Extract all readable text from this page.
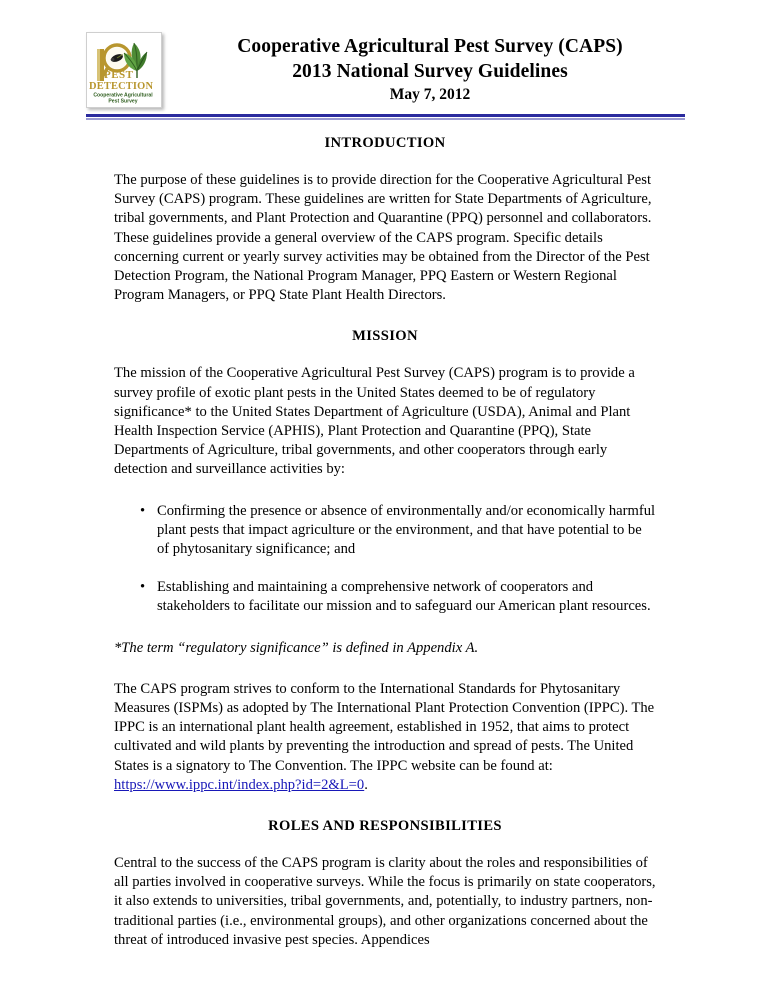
PEST
DETECTION
Cooperative Agricultural
Pest Survey
Cooperative Agricultural Pest Survey (CAPS)
2013 National Survey Guidelines
May 7, 2012
INTRODUCTION

The purpose of these guidelines is to provide direction for the Cooperative Agricultural Pest Survey (CAPS) program. These guidelines are written for State Departments of Agriculture, tribal governments, and Plant Protection and Quarantine (PPQ) personnel and collaborators. These guidelines provide a general overview of the CAPS program. Specific details concerning current or yearly survey activities may be obtained from the Director of the Pest Detection Program, the National Program Manager, PPQ Eastern or Western Regional Program Managers, or PPQ State Plant Health Directors.

MISSION

The mission of the Cooperative Agricultural Pest Survey (CAPS) program is to provide a survey profile of exotic plant pests in the United States deemed to be of regulatory significance* to the United States Department of Agriculture (USDA), Animal and Plant Health Inspection Service (APHIS), Plant Protection and Quarantine (PPQ), State Departments of Agriculture, tribal governments, and other cooperators through early detection and surveillance activities by:

• Confirming the presence or absence of environmentally and/or economically harmful plant pests that impact agriculture or the environment, and that have potential to be of phytosanitary significance; and
• Establishing and maintaining a comprehensive network of cooperators and stakeholders to facilitate our mission and to safeguard our American plant resources.

*The term “regulatory significance” is defined in Appendix A.

The CAPS program strives to conform to the International Standards for Phytosanitary Measures (ISPMs) as adopted by The International Plant Protection Convention (IPPC). The IPPC is an international plant health agreement, established in 1952, that aims to protect cultivated and wild plants by preventing the introduction and spread of pests. The United States is a signatory to The Convention. The IPPC website can be found at: https://www.ippc.int/index.php?id=2&L=0.

ROLES AND RESPONSIBILITIES

Central to the success of the CAPS program is clarity about the roles and responsibilities of all parties involved in cooperative surveys. While the focus is primarily on state cooperators, it also extends to universities, tribal governments, and, potentially, to industry partners, non-traditional parties (i.e., environmental groups), and other organizations concerned about the threat of introduced invasive pest species. Appendices
